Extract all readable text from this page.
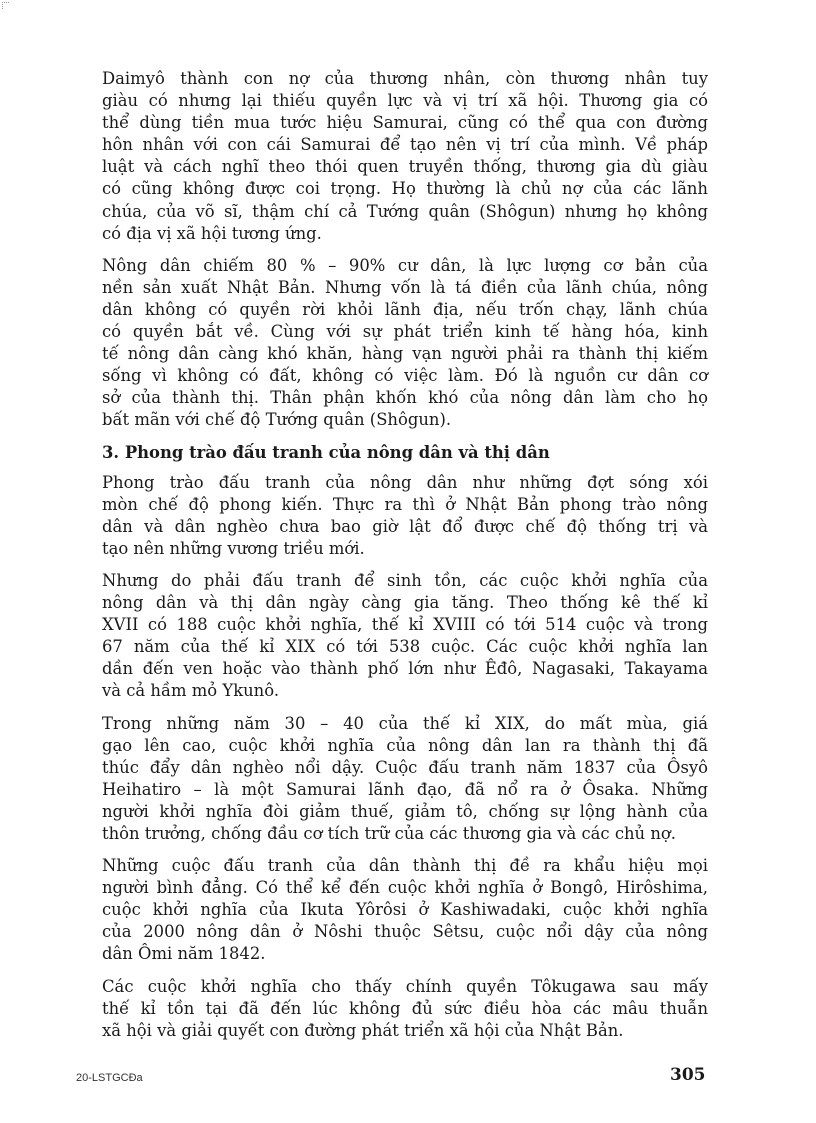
Daimyô thành con nợ của thương nhân, còn thương nhân tuy
giàu có nhưng lại thiếu quyền lực và vị trí xã hội. Thương gia có
thể dùng tiền mua tước hiệu Samurai, cũng có thể qua con đường
hôn nhân với con cái Samurai để tạo nên vị trí của mình. Về pháp
luật và cách nghĩ theo thói quen truyền thống, thương gia dù giàu
có cũng không được coi trọng. Họ thường là chủ nợ của các lãnh
chúa, của võ sĩ, thậm chí cả Tướng quân (Shôgun) nhưng họ không
có địa vị xã hội tương ứng.
Nông dân chiếm 80 % – 90% cư dân, là lực lượng cơ bản của
nền sản xuất Nhật Bản. Nhưng vốn là tá điền của lãnh chúa, nông
dân không có quyền rời khỏi lãnh địa, nếu trốn chạy, lãnh chúa
có quyền bắt về. Cùng với sự phát triển kinh tế hàng hóa, kinh
tế nông dân càng khó khăn, hàng vạn người phải ra thành thị kiếm
sống vì không có đất, không có việc làm. Đó là nguồn cư dân cơ
sở của thành thị. Thân phận khốn khó của nông dân làm cho họ
bất mãn với chế độ Tướng quân (Shôgun).
3. Phong trào đấu tranh của nông dân và thị dân
Phong trào đấu tranh của nông dân như những đợt sóng xói
mòn chế độ phong kiến. Thực ra thì ở Nhật Bản phong trào nông
dân và dân nghèo chưa bao giờ lật đổ được chế độ thống trị và
tạo nên những vương triều mới.
Nhưng do phải đấu tranh để sinh tồn, các cuộc khởi nghĩa của
nông dân và thị dân ngày càng gia tăng. Theo thống kê thế kỉ
XVII có 188 cuộc khởi nghĩa, thế kỉ XVIII có tới 514 cuộc và trong
67 năm của thế kỉ XIX có tới 538 cuộc. Các cuộc khởi nghĩa lan
dần đến ven hoặc vào thành phố lớn như Êđô, Nagasaki, Takayama
và cả hầm mỏ Ykunô.
Trong những năm 30 – 40 của thế kỉ XIX, do mất mùa, giá
gạo lên cao, cuộc khởi nghĩa của nông dân lan ra thành thị đã
thúc đẩy dân nghèo nổi dậy. Cuộc đấu tranh năm 1837 của Ôsyô
Heihatiro – là một Samurai lãnh đạo, đã nổ ra ở Ôsaka. Những
người khởi nghĩa đòi giảm thuế, giảm tô, chống sự lộng hành của
thôn trưởng, chống đầu cơ tích trữ của các thương gia và các chủ nợ.
Những cuộc đấu tranh của dân thành thị đề ra khẩu hiệu mọi
người bình đẳng. Có thể kể đến cuộc khởi nghĩa ở Bongô, Hirôshima,
cuộc khởi nghĩa của Ikuta Yôrôsi ở Kashiwadaki, cuộc khởi nghĩa
của 2000 nông dân ở Nôshi thuộc Sêtsu, cuộc nổi dậy của nông
dân Ômi năm 1842.
Các cuộc khởi nghĩa cho thấy chính quyền Tôkugawa sau mấy
thế kỉ tồn tại đã đến lúc không đủ sức điều hòa các mâu thuẫn
xã hội và giải quyết con đường phát triển xã hội của Nhật Bản.
20-LSTGCĐa	305
